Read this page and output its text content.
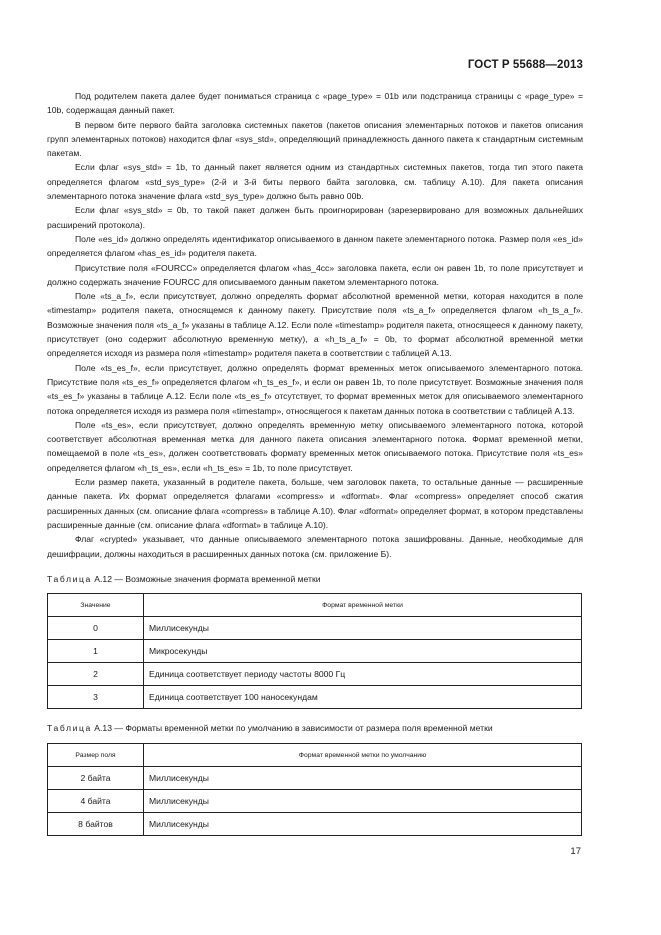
ГОСТ Р 55688—2013

Под родителем пакета далее будет пониматься страница с «page_type» = 01b или подстраница страницы с «page_type» = 10b, содержащая данный пакет.

В первом бите первого байта заголовка системных пакетов (пакетов описания элементарных потоков и пакетов описания групп элементарных потоков) находится флаг «sys_std», определяющий принадлежность данного пакета к стандартным системным пакетам.

Если флаг «sys_std» = 1b, то данный пакет является одним из стандартных системных пакетов, тогда тип этого пакета определяется флагом «std_sys_type» (2-й и 3-й биты первого байта заголовка, см. таблицу А.10). Для пакета описания элементарного потока значение флага «std_sys_type» должно быть равно 00b.

Если флаг «sys_std» = 0b, то такой пакет должен быть проигнорирован (зарезервировано для возможных дальнейших расширений протокола).

Поле «es_id» должно определять идентификатор описываемого в данном пакете элементарного потока. Размер поля «es_id» определяется флагом «has_es_id» родителя пакета.

Присутствие поля «FOURCC» определяется флагом «has_4cc» заголовка пакета, если он равен 1b, то поле присутствует и должно содержать значение FOURCC для описываемого данным пакетом элементарного потока.

Поле «ts_a_f», если присутствует, должно определять формат абсолютной временной метки, которая находится в поле «timestamp» родителя пакета, относящемся к данному пакету. Присутствие поля «ts_a_f» определяется флагом «h_ts_a_f». Возможные значения поля «ts_a_f» указаны в таблице А.12. Если поле «timestamp» родителя пакета, относящееся к данному пакету, присутствует (оно содержит абсолютную временную метку), а «h_ts_a_f» = 0b, то формат абсолютной временной метки определяется исходя из размера поля «timestamp» родителя пакета в соответствии с таблицей А.13.

Поле «ts_es_f», если присутствует, должно определять формат временных меток описываемого элементарного потока. Присутствие поля «ts_es_f» определяется флагом «h_ts_es_f», и если он равен 1b, то поле присутствует. Возможные значения поля «ts_es_f» указаны в таблице А.12. Если поле «ts_es_f» отсутствует, то формат временных меток для описываемого элементарного потока определяется исходя из размера поля «timestamp», относящегося к пакетам данных потока в соответствии с таблицей А.13.

Поле «ts_es», если присутствует, должно определять временную метку описываемого элементарного потока, которой соответствует абсолютная временная метка для данного пакета описания элементарного потока. Формат временной метки, помещаемой в поле «ts_es», должен соответствовать формату временных меток описываемого потока. Присутствие поля «ts_es» определяется флагом «h_ts_es», если «h_ts_es» = 1b, то поле присутствует.

Если размер пакета, указанный в родителе пакета, больше, чем заголовок пакета, то остальные данные — расширенные данные пакета. Их формат определяется флагами «compress» и «dformat». Флаг «compress» определяет способ сжатия расширенных данных (см. описание флага «compress» в таблице А.10). Флаг «dformat» определяет формат, в котором представлены расширенные данные (см. описание флага «dformat» в таблице А.10).

Флаг «crypted» указывает, что данные описываемого элементарного потока зашифрованы. Данные, необходимые для дешифрации, должны находиться в расширенных данных потока (см. приложение Б).

Таблица А.12 — Возможные значения формата временной метки
Значение	Формат временной метки
0	Миллисекунды
1	Микросекунды
2	Единица соответствует периоду частоты 8000 Гц
3	Единица соответствует 100 наносекундам
Таблица А.13 — Форматы временной метки по умолчанию в зависимости от размера поля временной метки
Размер поля	Формат временной метки по умолчанию
2 байта	Миллисекунды
4 байта	Миллисекунды
8 байтов	Миллисекунды
17
